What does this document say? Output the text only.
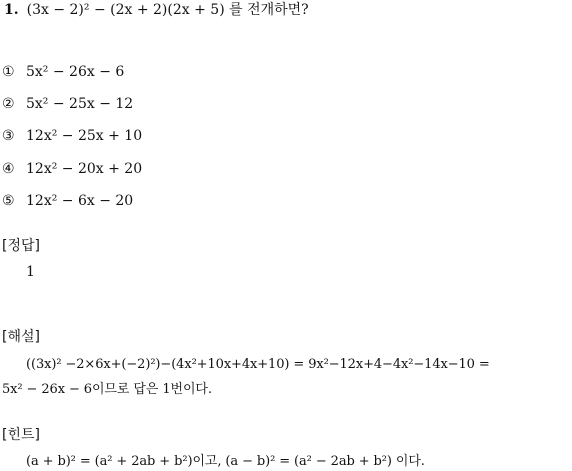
1. (3x − 2)² − (2x + 2)(2x + 5) 를 전개하면?
① 5x² − 26x − 6
② 5x² − 25x − 12
③ 12x² − 25x + 10
④ 12x² − 20x + 20
⑤ 12x² − 6x − 20
[정답]
1
[해설]
((3x)² −2×6x+(−2)²)−(4x²+10x+4x+10) = 9x²−12x+4−4x²−14x−10 =
5x² − 26x − 6이므로 답은 1번이다.
[힌트]
(a + b)² = (a² + 2ab + b²)이고, (a − b)² = (a² − 2ab + b²) 이다.
